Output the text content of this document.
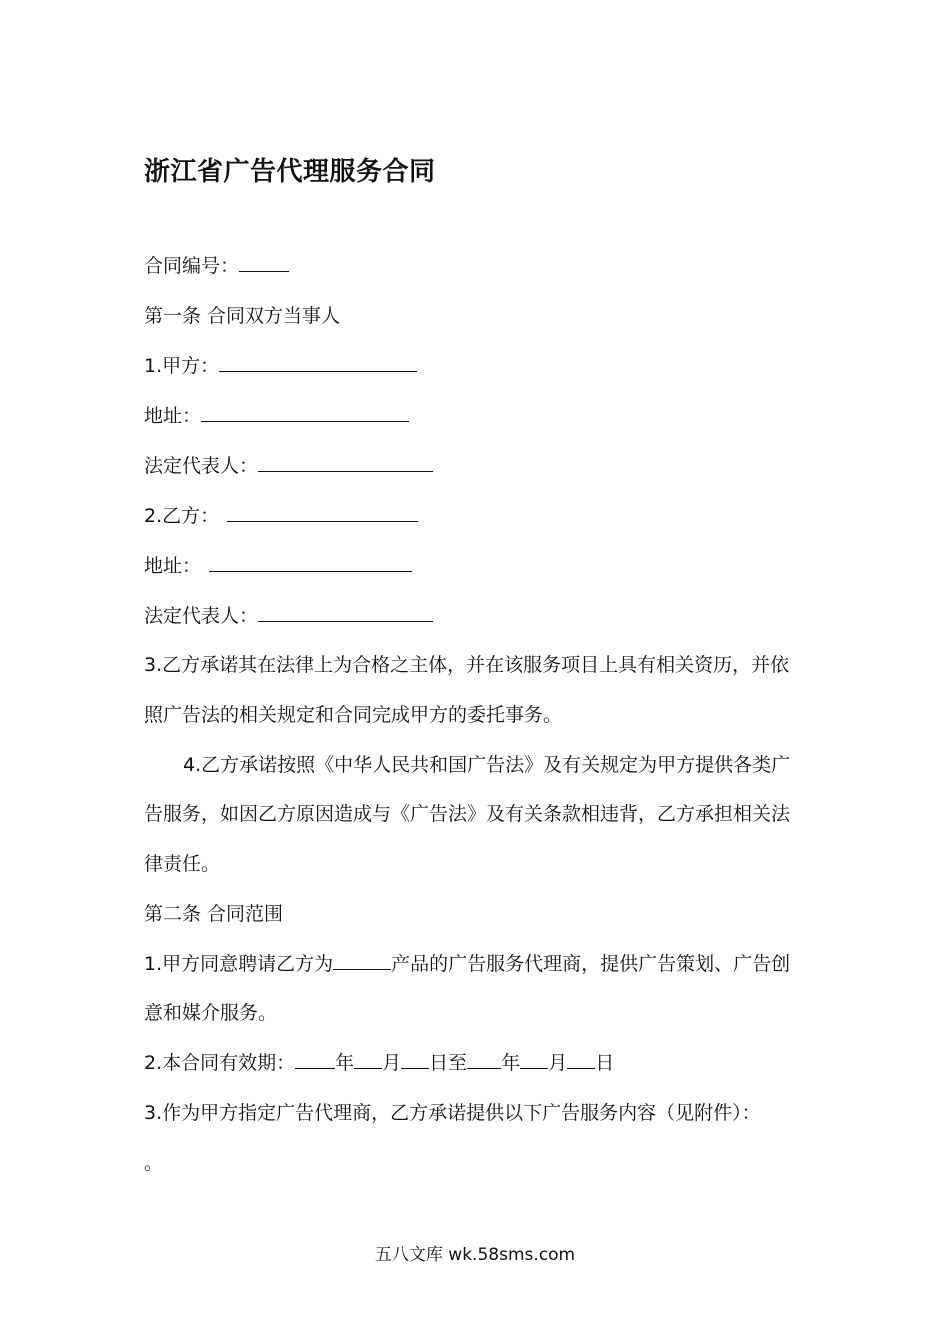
浙江省广告代理服务合同
合同编号：
第一条 合同双方当事人
1.甲方：
地址：
法定代表人：
2.乙方：
地址：
法定代表人：
3.乙方承诺其在法律上为合格之主体，并在该服务项目上具有相关资历，并依
照广告法的相关规定和合同完成甲方的委托事务。
4.乙方承诺按照《中华人民共和国广告法》及有关规定为甲方提供各类广
告服务，如因乙方原因造成与《广告法》及有关条款相违背，乙方承担相关法
律责任。
第二条 合同范围
1.甲方同意聘请乙方为	产品的广告服务代理商，提供广告策划、广告创
意和媒介服务。
2.本合同有效期： 年 月 日至 年 月 日
3.作为甲方指定广告代理商，乙方承诺提供以下广告服务内容（见附件）：
。
五八文库 wk.58sms.com
